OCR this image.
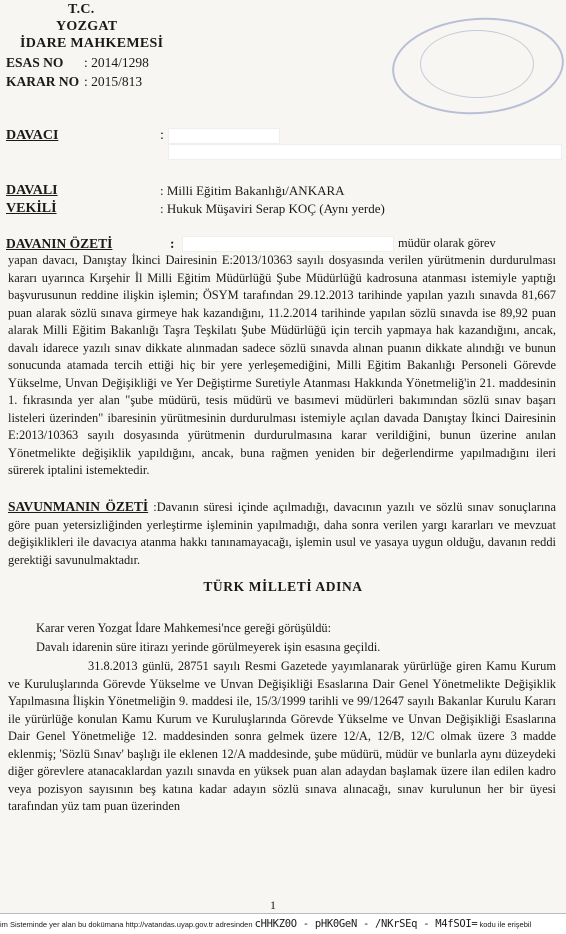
T.C.
YOZGAT
İDARE MAHKEMESİ
ESAS NO : 2014/1298
KARAR NO : 2015/813
DAVACI	:
DAVALI	: Milli Eğitim Bakanlığı/ANKARA
VEKİLİ	: Hukuk Müşaviri Serap KOÇ (Aynı yerde)
DAVANIN ÖZETİ	:	müdür olarak görev
yapan davacı, Danıştay İkinci Dairesinin E:2013/10363 sayılı dosyasında verilen yürütmenin durdurulması kararı uyarınca Kırşehir İl Milli Eğitim Müdürlüğü Şube Müdürlüğü kadrosuna atanması istemiyle yaptığı başvurusunun reddine ilişkin işlemin; ÖSYM tarafından 29.12.2013 tarihinde yapılan yazılı sınavda 81,667 puan alarak sözlü sınava girmeye hak kazandığını, 11.2.2014 tarihinde yapılan sözlü sınavda ise 89,92 puan alarak Milli Eğitim Bakanlığı Taşra Teşkilatı Şube Müdürlüğü için tercih yapmaya hak kazandığını, ancak, davalı idarece yazılı sınav dikkate alınmadan sadece sözlü sınavda alınan puanın dikkate alındığı ve bunun sonucunda atamada tercih ettiği hiç bir yere yerleşemediğini, Milli Eğitim Bakanlığı Personeli Görevde Yükselme, Unvan Değişikliği ve Yer Değiştirme Suretiyle Atanması Hakkında Yönetmeliğ'in 21. maddesinin 1. fıkrasında yer alan "şube müdürü, tesis müdürü ve basımevi müdürleri bakımından sözlü sınav başarı listeleri üzerinden" ibaresinin yürütmesinin durdurulması istemiyle açılan davada Danıştay İkinci Dairesinin E:2013/10363 sayılı dosyasında yürütmenin durdurulmasına karar verildiğini, bunun üzerine anılan Yönetmelikte değişiklik yapıldığını, ancak, buna rağmen yeniden bir değerlendirme yapılmadığını ileri sürerek iptalini istemektedir.
SAVUNMANIN ÖZETİ :Davanın süresi içinde açılmadığı, davacının yazılı ve sözlü sınav sonuçlarına göre puan yetersizliğinden yerleştirme işleminin yapılmadığı, daha sonra verilen yargı kararları ve mevzuat değişiklikleri ile davacıya atanma hakkı tanınamayacağı, işlemin usul ve yasaya uygun olduğu, davanın reddi gerektiği savunulmaktadır.
TÜRK MİLLETİ ADINA
Karar veren Yozgat İdare Mahkemesi'nce gereği görüşüldü:
Davalı idarenin süre itirazı yerinde görülmeyerek işin esasına geçildi.
31.8.2013 günlü, 28751 sayılı Resmi Gazetede yayımlanarak yürürlüğe giren Kamu Kurum ve Kuruluşlarında Görevde Yükselme ve Unvan Değişikliği Esaslarına Dair Genel Yönetmelikte Değişiklik Yapılmasına İlişkin Yönetmeliğin 9. maddesi ile, 15/3/1999 tarihli ve 99/12647 sayılı Bakanlar Kurulu Kararı ile yürürlüğe konulan Kamu Kurum ve Kuruluşlarında Görevde Yükselme ve Unvan Değişikliği Esaslarına Dair Genel Yönetmeliğe 12. maddesinden sonra gelmek üzere 12/A, 12/B, 12/C olmak üzere 3 madde eklenmiş; 'Sözlü Sınav' başlığı ile eklenen 12/A maddesinde, şube müdürü, müdür ve bunlarla aynı düzeydeki diğer görevlere atanacaklardan yazılı sınavda en yüksek puan alan adaydan başlamak üzere ilan edilen kadro veya pozisyon sayısının beş katına kadar adayın sözlü sınava alınacağı, sınav kurulunun her bir üyesi tarafından yüz tam puan üzerinden
1
im Sisteminde yer alan bu dokümana http://vatandas.uyap.gov.tr adresinden cHHKZ0O - pHK0GeN - /NKrSEq - M4fSOI= kodu ile erişebil
